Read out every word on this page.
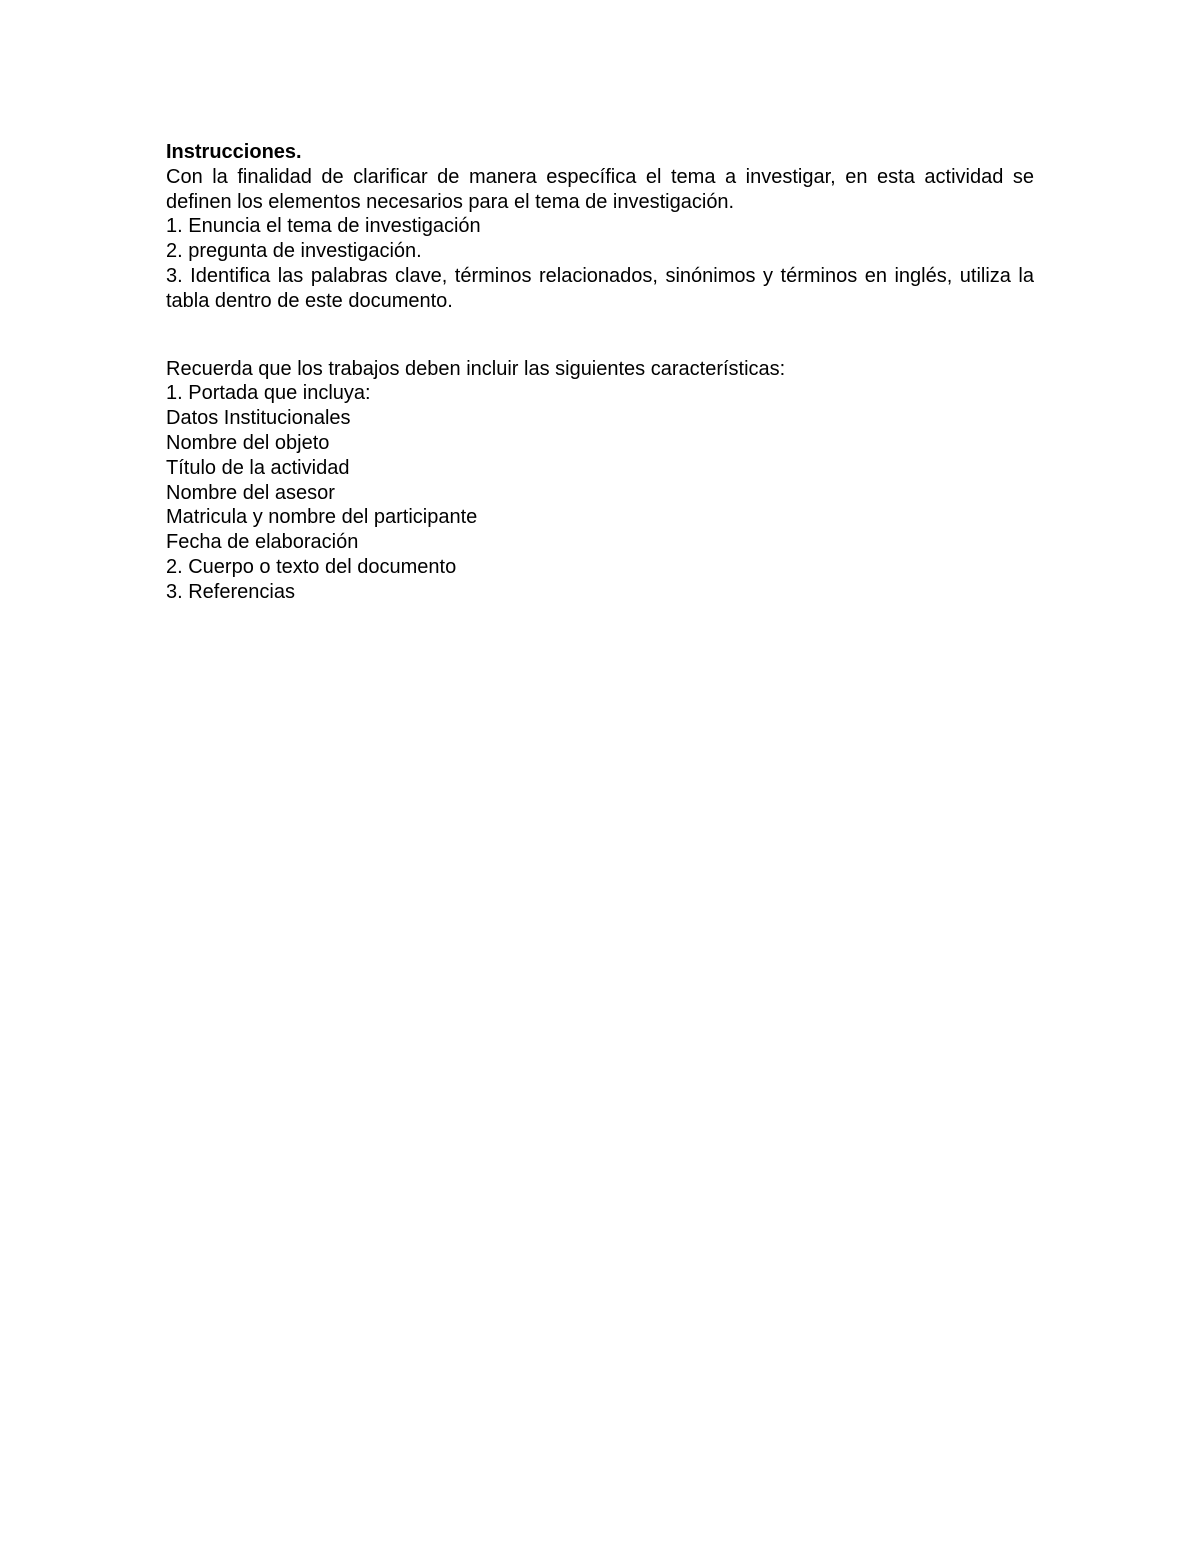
Instrucciones.

Con la finalidad de clarificar de manera específica el tema a investigar, en esta actividad se definen los elementos necesarios para el tema de investigación.

1. Enuncia el tema de investigación

2. pregunta de investigación.

3. Identifica las palabras clave, términos relacionados, sinónimos y términos en inglés, utiliza la tabla dentro de este documento.

Recuerda que los trabajos deben incluir las siguientes características:

1. Portada que incluya:

Datos Institucionales

Nombre del objeto

Título de la actividad

Nombre del asesor

Matricula y nombre del participante

Fecha de elaboración

2. Cuerpo o texto del documento

3. Referencias
